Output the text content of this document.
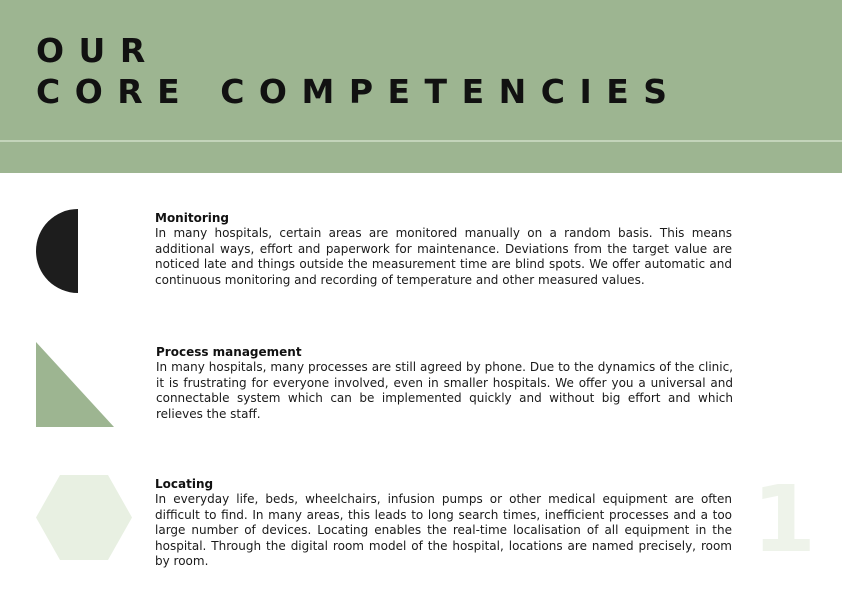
OUR
CORE COMPETENCIES
Monitoring

In many hospitals, certain areas are monitored manually on a random basis. This means additional ways, effort and paperwork for maintenance. Deviations from the target value are noticed late and things outside the measurement time are blind spots. We offer automatic and continuous monitoring and recording of temperature and other measured values.

Process management

In many hospitals, many processes are still agreed by phone. Due to the dynamics of the clinic, it is frustrating for everyone involved, even in smaller hospitals. We offer you a universal and connectable system which can be implemented quickly and without big effort and which relieves the staff.

Locating

In everyday life, beds, wheelchairs, infusion pumps or other medical equipment are often difficult to find. In many areas, this leads to long search times, inefficient processes and a too large number of devices. Locating enables the real-time localisation of all equipment in the hospital. Through the digital room model of the hospital, locations are named precisely, room by room.	1
